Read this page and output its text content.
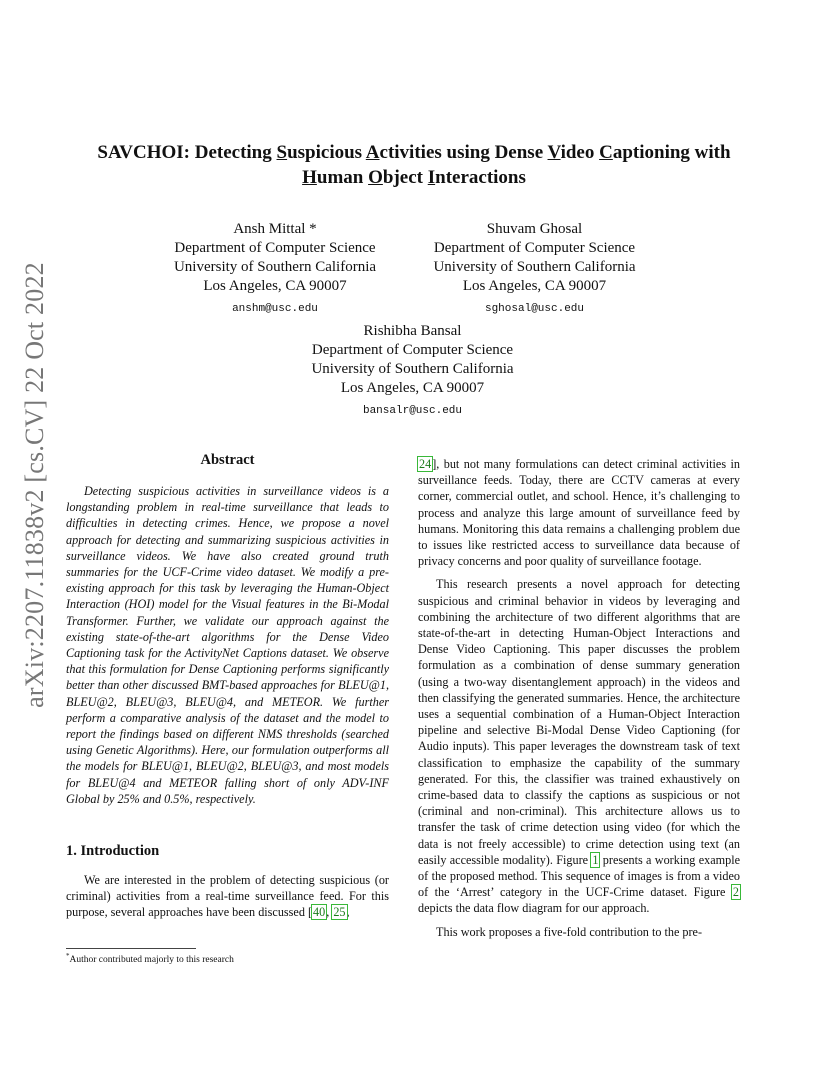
arXiv:2207.11838v2 [cs.CV] 22 Oct 2022
SAVCHOI: Detecting Suspicious Activities using Dense Video Captioning with
Human Object Interactions
Ansh Mittal *
Department of Computer Science
University of Southern California
Los Angeles, CA 90007
anshm@usc.edu
Shuvam Ghosal
Department of Computer Science
University of Southern California
Los Angeles, CA 90007
sghosal@usc.edu
Rishibha Bansal
Department of Computer Science
University of Southern California
Los Angeles, CA 90007
bansalr@usc.edu
Abstract

Detecting suspicious activities in surveillance videos is a longstanding problem in real-time surveillance that leads to difficulties in detecting crimes. Hence, we propose a novel approach for detecting and summarizing suspicious activities in surveillance videos. We have also created ground truth summaries for the UCF-Crime video dataset. We modify a pre-existing approach for this task by leveraging the Human-Object Interaction (HOI) model for the Visual features in the Bi-Modal Transformer. Further, we validate our approach against the existing state-of-the-art algorithms for the Dense Video Captioning task for the ActivityNet Captions dataset. We observe that this formulation for Dense Captioning performs significantly better than other discussed BMT-based approaches for BLEU@1, BLEU@2, BLEU@3, BLEU@4, and METEOR. We further perform a comparative analysis of the dataset and the model to report the findings based on different NMS thresholds (searched using Genetic Algorithms). Here, our formulation outperforms all the models for BLEU@1, BLEU@2, BLEU@3, and most models for BLEU@4 and METEOR falling short of only ADV-INF Global by 25% and 0.5%, respectively.

1. Introduction

We are interested in the problem of detecting suspicious (or criminal) activities from a real-time surveillance feed. For this purpose, several approaches have been discussed [40, 25,

24], but not many formulations can detect criminal activities in surveillance feeds. Today, there are CCTV cameras at every corner, commercial outlet, and school. Hence, it’s challenging to process and analyze this large amount of surveillance feed by humans. Monitoring this data remains a challenging problem due to issues like restricted access to surveillance data because of privacy concerns and poor quality of surveillance footage.

This research presents a novel approach for detecting suspicious and criminal behavior in videos by leveraging and combining the architecture of two different algorithms that are state-of-the-art in detecting Human-Object Interactions and Dense Video Captioning. This paper discusses the problem formulation as a combination of dense summary generation (using a two-way disentanglement approach) in the videos and then classifying the generated summaries. Hence, the architecture uses a sequential combination of a Human-Object Interaction pipeline and selective Bi-Modal Dense Video Captioning (for Audio inputs). This paper leverages the downstream task of text classification to emphasize the capability of the summary generated. For this, the classifier was trained exhaustively on crime-based data to classify the captions as suspicious or not (criminal and non-criminal). This architecture allows us to transfer the task of crime detection using video (for which the data is not freely accessible) to crime detection using text (an easily accessible modality). Figure 1 presents a working example of the proposed method. This sequence of images is from a video of the ‘Arrest’ category in the UCF-Crime dataset. Figure 2 depicts the data flow diagram for our approach.

This work proposes a five-fold contribution to the pre-

*Author contributed majorly to this research
